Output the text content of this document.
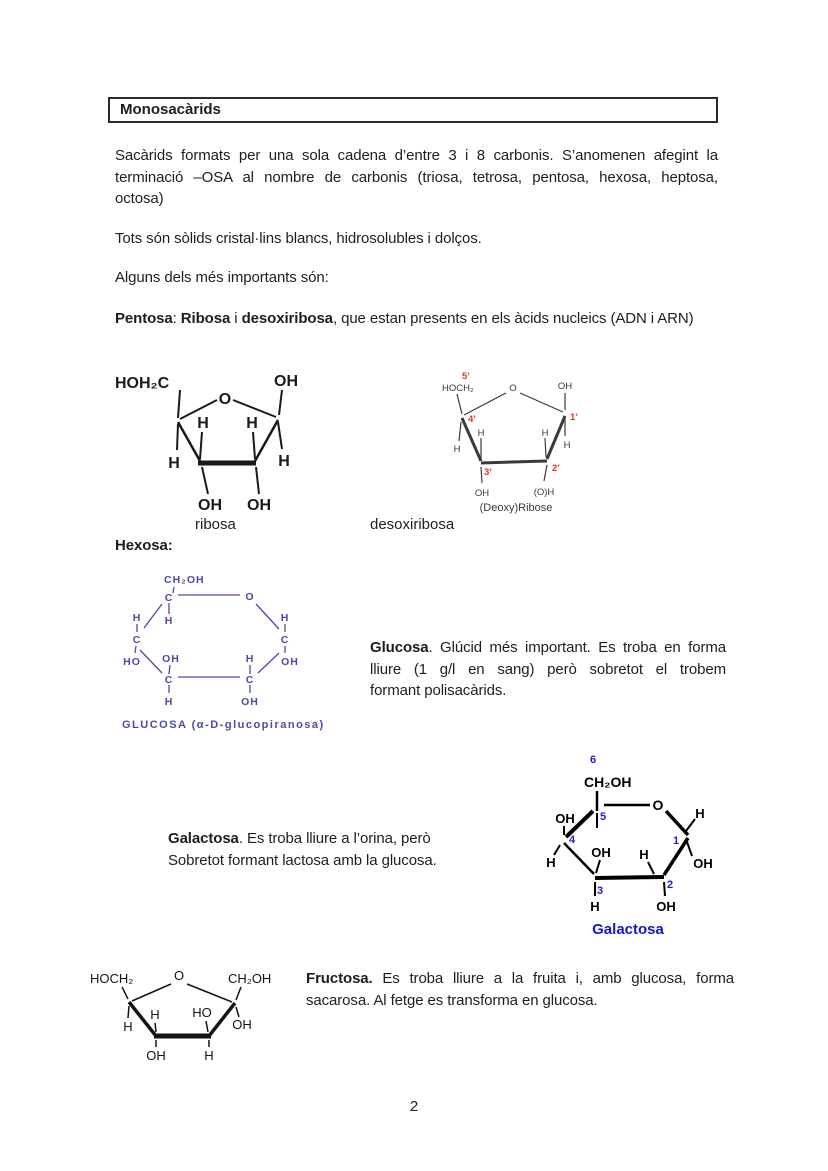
Monosacàrids
Sacàrids formats per una sola cadena d’entre 3 i 8 carbonis. S’anomenen afegint la
terminació –OSA al nombre de carbonis (triosa, tetrosa, pentosa, hexosa, heptosa,
octosa)
Tots són sòlids cristal·lins blancs, hidrosolubles i dolços.
Alguns dels més importants són:
Pentosa: Ribosa i desoxiribosa, que estan presents en els àcids nucleics (ADN i ARN)
HOH₂C
O
OH
H H
H	H
OH OH
5’
HOCH₂	O	OH
4’	1’
H	H
H	H
3’	2’
OH	(O)H
(Deoxy)Ribose
ribosa	desoxiribosa
Hexosa:
CH₂OH
C	O
H
H
C
HO OH
C
H
H
C
OH
H
C
OH
GLUCOSA (α-D-glucopiranosa)
Glucosa. Glúcid més important. Es troba en forma
lliure (1 g/l en sang) però sobretot el trobem
formant polisacàrids.
Galactosa. Es troba lliure a l’orina, però
Sobretot formant lactosa amb la glucosa.
6
CH₂OH
O
5
OH
4
H
OH H
1
H
OH
3	2
H	OH
Galactosa
HOCH₂	O	CH₂OH
H	HO
H	OH
OH	H
Fructosa. Es troba lliure a la fruita i, amb glucosa, forma
sacarosa. Al fetge es transforma en glucosa.
2
